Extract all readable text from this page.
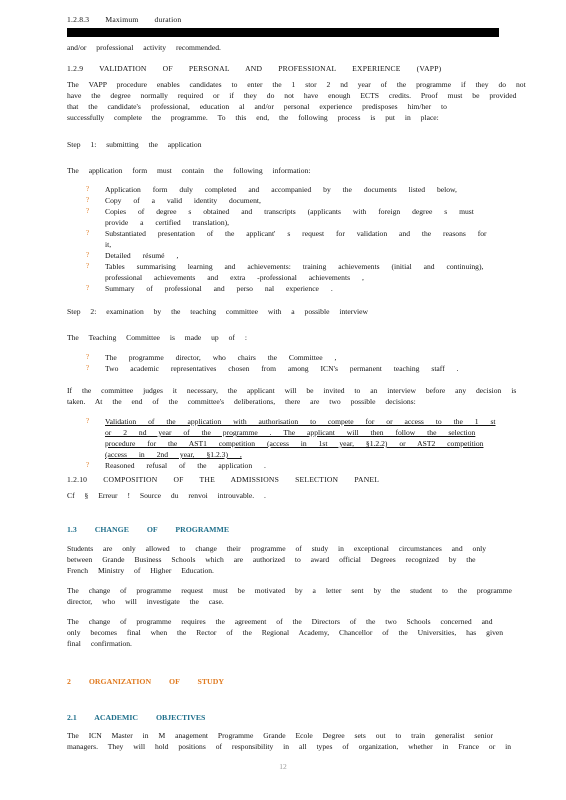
1.2.8.3 Maximum duration
and/or professional activity recommended.
1.2.9 VALIDATION OF PERSONAL AND PROFESSIONAL EXPERIENCE (VAPP)
The VAPP procedure enables candidates to enter the 1 stor 2 nd year of the programme if they do not
have the degree normally required or if they do not have enough ECTS credits. Proof must be provided
that the candidate's professional, education al and/or personal experience predisposes him/her to
successfully complete the programme. To this end, the following process is put in place:
Step 1: submitting the application
The application form must contain the following information:
? Application form duly completed and accompanied by the documents listed below,
? Copy of a valid identity document,
? Copies of degree s obtained and transcripts (applicants with foreign degree s must provide a certified translation),
? Substantiated presentation of the applicant' s request for validation and the reasons for it,
? Detailed résumé ,
? Tables summarising learning and achievements: training achievements (initial and continuing), professional achievements and extra -professional achievements ,
? Summary of professional and perso nal experience .
Step 2: examination by the teaching committee with a possible interview
The Teaching Committee is made up of :
? The programme director, who chairs the Committee ,
? Two academic representatives chosen from among ICN's permanent teaching staff .
If the committee judges it necessary, the applicant will be invited to an interview before any decision is
taken. At the end of the committee's deliberations, there are two possible decisions:
? Validation of the application with authorisation to compete for or access to the 1 st or 2 nd year of the programme . The applicant will then follow the selection procedure for the AST1 competition (access in 1st year, §1.2.2) or AST2 competition (access in 2nd year, §1.2.3) ,
? Reasoned refusal of the application .
1.2.10 COMPOSITION OF THE ADMISSIONS SELECTION PANEL
Cf § Erreur ! Source du renvoi introuvable. .
1.3 CHANGE OF PROGRAMME
Students are only allowed to change their programme of study in exceptional circumstances and only
between Grande Business Schools which are authorized to award official Degrees recognized by the
French Ministry of Higher Education.
The change of programme request must be motivated by a letter sent by the student to the programme
director, who will investigate the case.
The change of programme requires the agreement of the Directors of the two Schools concerned and
only becomes final when the Rector of the Regional Academy, Chancellor of the Universities, has given
final confirmation.
2 ORGANIZATION OF STUDY
2.1 ACADEMIC OBJECTIVES
The ICN Master in M anagement Programme Grande Ecole Degree sets out to train generalist senior
managers. They will hold positions of responsibility in all types of organization, whether in France or in
12
